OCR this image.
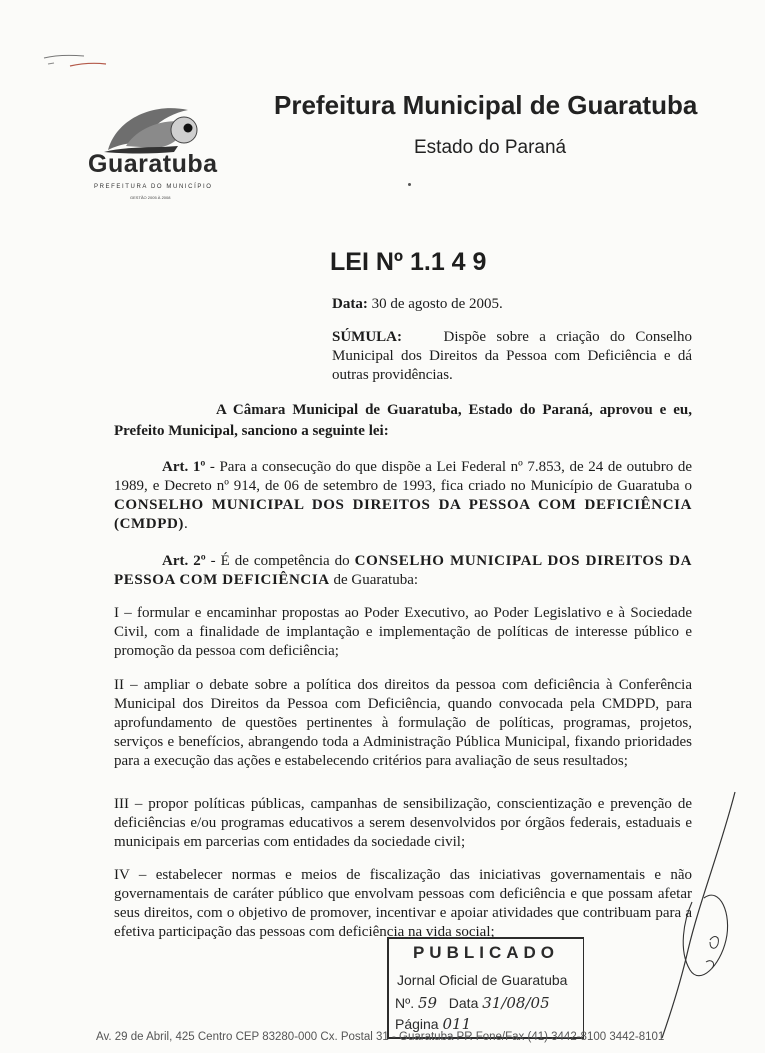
Guaratuba
PREFEITURA DO MUNICÍPIO
GESTÃO 2005 À 2008
Prefeitura Municipal de Guaratuba
Estado do Paraná
LEI Nº 1.1 4 9
Data: 30 de agosto de 2005.
SÚMULA:	Dispõe sobre a criação do Conselho Municipal dos Direitos da Pessoa com Deficiência e dá outras providências.
A Câmara Municipal de Guaratuba, Estado do Paraná, aprovou e eu, Prefeito Municipal, sanciono a seguinte lei:
Art. 1º - Para a consecução do que dispõe a Lei Federal nº 7.853, de 24 de outubro de 1989, e Decreto nº 914, de 06 de setembro de 1993, fica criado no Município de Guaratuba o CONSELHO MUNICIPAL DOS DIREITOS DA PESSOA COM DEFICIÊNCIA (CMDPD).
Art. 2º - É de competência do CONSELHO MUNICIPAL DOS DIREITOS DA PESSOA COM DEFICIÊNCIA de Guaratuba:
I – formular e encaminhar propostas ao Poder Executivo, ao Poder Legislativo e à Sociedade Civil, com a finalidade de implantação e implementação de políticas de interesse público e promoção da pessoa com deficiência;
II – ampliar o debate sobre a política dos direitos da pessoa com deficiência à Conferência Municipal dos Direitos da Pessoa com Deficiência, quando convocada pela CMDPD, para aprofundamento de questões pertinentes à formulação de políticas, programas, projetos, serviços e benefícios, abrangendo toda a Administração Pública Municipal, fixando prioridades para a execução das ações e estabelecendo critérios para avaliação de seus resultados;
III – propor políticas públicas, campanhas de sensibilização, conscientização e prevenção de deficiências e/ou programas educativos a serem desenvolvidos por órgãos federais, estaduais e municipais em parcerias com entidades da sociedade civil;
IV – estabelecer normas e meios de fiscalização das iniciativas governamentais e não governamentais de caráter público que envolvam pessoas com deficiência e que possam afetar seus direitos, com o objetivo de promover, incentivar e apoiar atividades que contribuam para a efetiva participação das pessoas com deficiência na vida social;
PUBLICADO
Jornal Oficial de Guaratuba
Nº. 59 Data 31/08/05
Página 011
Av. 29 de Abril, 425 Centro CEP 83280-000 Cx. Postal 31 - Guaratuba PR Fone/Fax (41) 3442-8100 3442-8101
